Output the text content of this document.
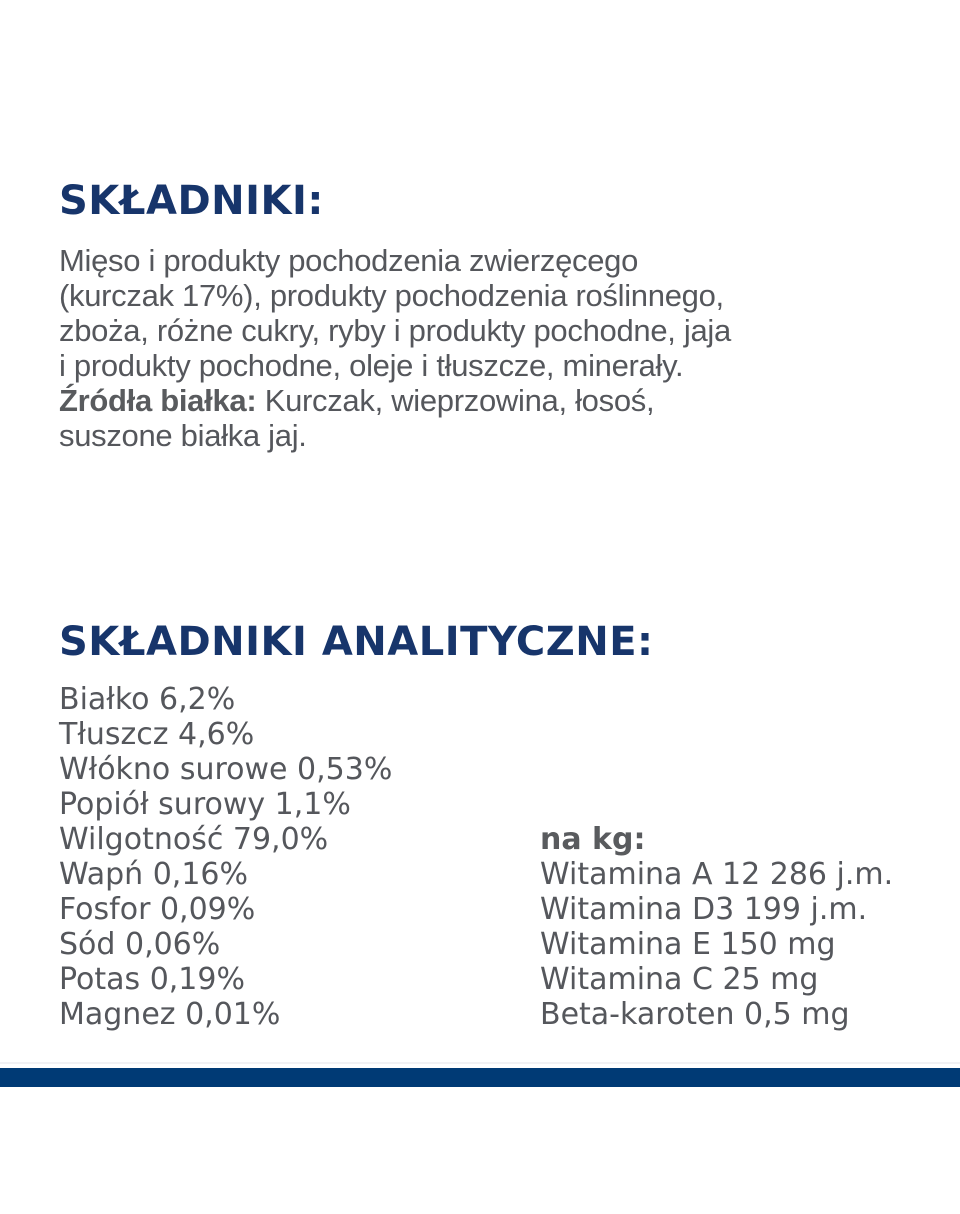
SKŁADNIKI:
Mięso i produkty pochodzenia zwierzęcego
(kurczak 17%), produkty pochodzenia roślinnego,
zboża, różne cukry, ryby i produkty pochodne, jaja
i produkty pochodne, oleje i tłuszcze, minerały.
Źródła białka: Kurczak, wieprzowina, łosoś,
suszone białka jaj.
SKŁADNIKI ANALITYCZNE:
Białko 6,2%
Tłuszcz 4,6%
Włókno surowe 0,53%
Popiół surowy 1,1%
Wilgotność 79,0%
Wapń 0,16%
Fosfor 0,09%
Sód 0,06%
Potas 0,19%
Magnez 0,01%
na kg:
Witamina A 12 286 j.m.
Witamina D3 199 j.m.
Witamina E 150 mg
Witamina C 25 mg
Beta-karoten 0,5 mg
